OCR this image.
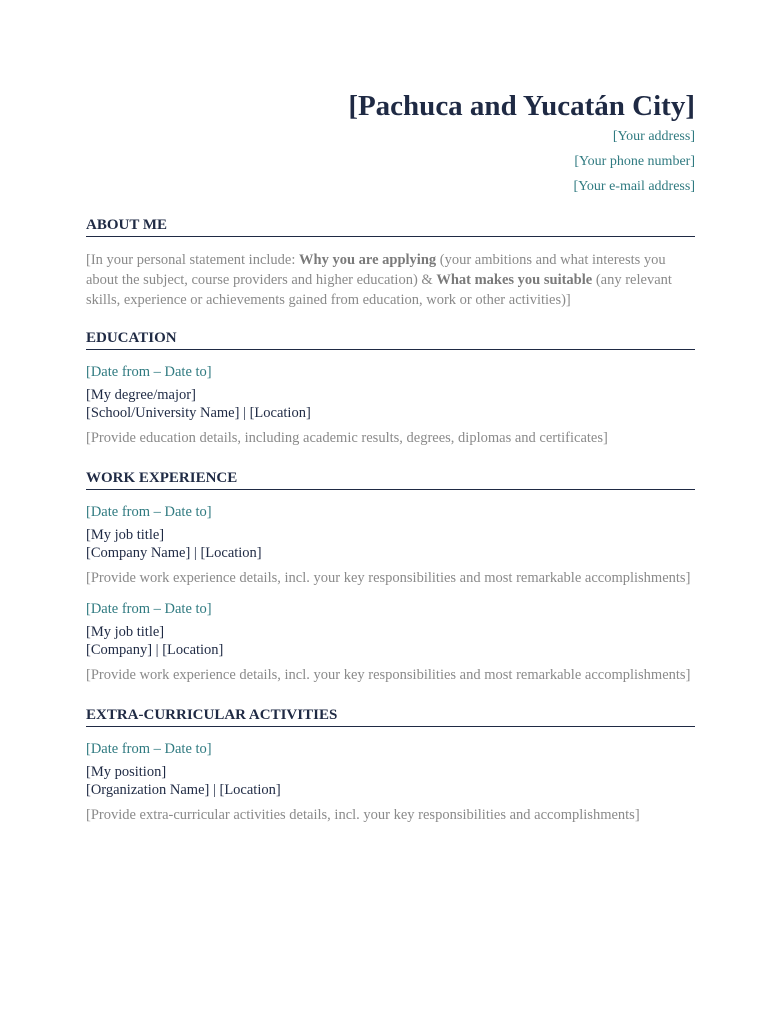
[Pachuca and Yucatán City]
[Your address]
[Your phone number]
[Your e-mail address]
ABOUT ME
[In your personal statement include: Why you are applying (your ambitions and what interests you about the subject, course providers and higher education) & What makes you suitable (any relevant skills, experience or achievements gained from education, work or other activities)]
EDUCATION
[Date from – Date to]
[My degree/major]
[School/University Name] | [Location]
[Provide education details, including academic results, degrees, diplomas and certificates]
WORK EXPERIENCE
[Date from – Date to]
[My job title]
[Company Name] | [Location]
[Provide work experience details, incl. your key responsibilities and most remarkable accomplishments]
[Date from – Date to]
[My job title]
[Company] | [Location]
[Provide work experience details, incl. your key responsibilities and most remarkable accomplishments]
EXTRA-CURRICULAR ACTIVITIES
[Date from – Date to]
[My position]
[Organization Name] | [Location]
[Provide extra-curricular activities details, incl. your key responsibilities and accomplishments]
